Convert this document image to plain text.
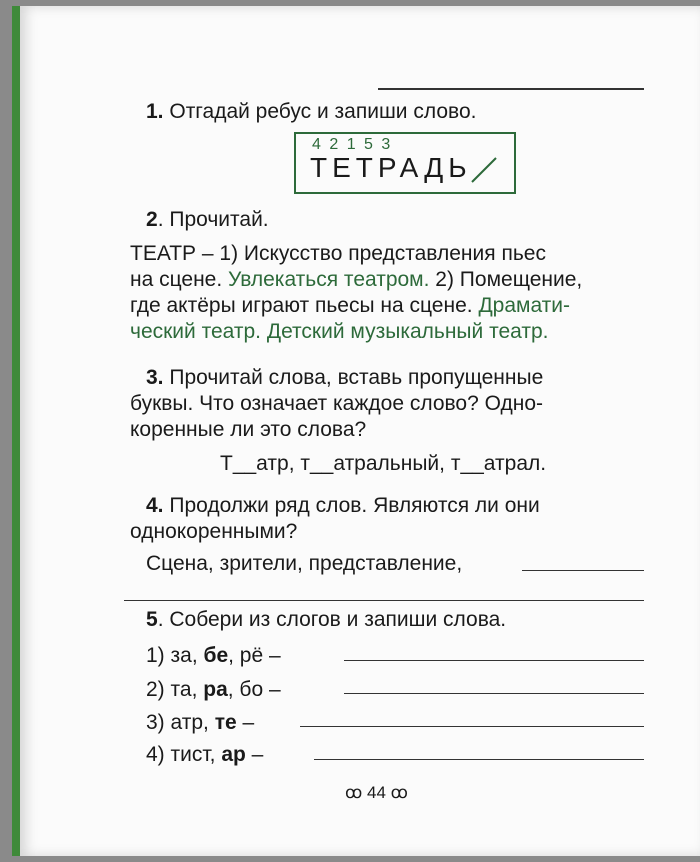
1. Отгадай ребус и запиши слово.
4 2 1 5 3
ТЕТРАДЬ
2. Прочитай.
ТЕАТР – 1) Искусство представления пьес
на сцене. Увлекаться театром. 2) Помещение,
где актёры играют пьесы на сцене. Драмати-
ческий театр. Детский музыкальный театр.
3. Прочитай слова, вставь пропущенные
буквы. Что означает каждое слово? Одно-
коренные ли это слова?
Т__атр, т__атральный, т__атрал.
4. Продолжи ряд слов. Являются ли они
однокоренными?
Сцена, зрители, представление,
5. Собери из слогов и запиши слова.
1) за, бе, рё –
2) та, ра, бо –
3) атр, те –
4) тист, ар –
ꝏ 44 ꝏ
